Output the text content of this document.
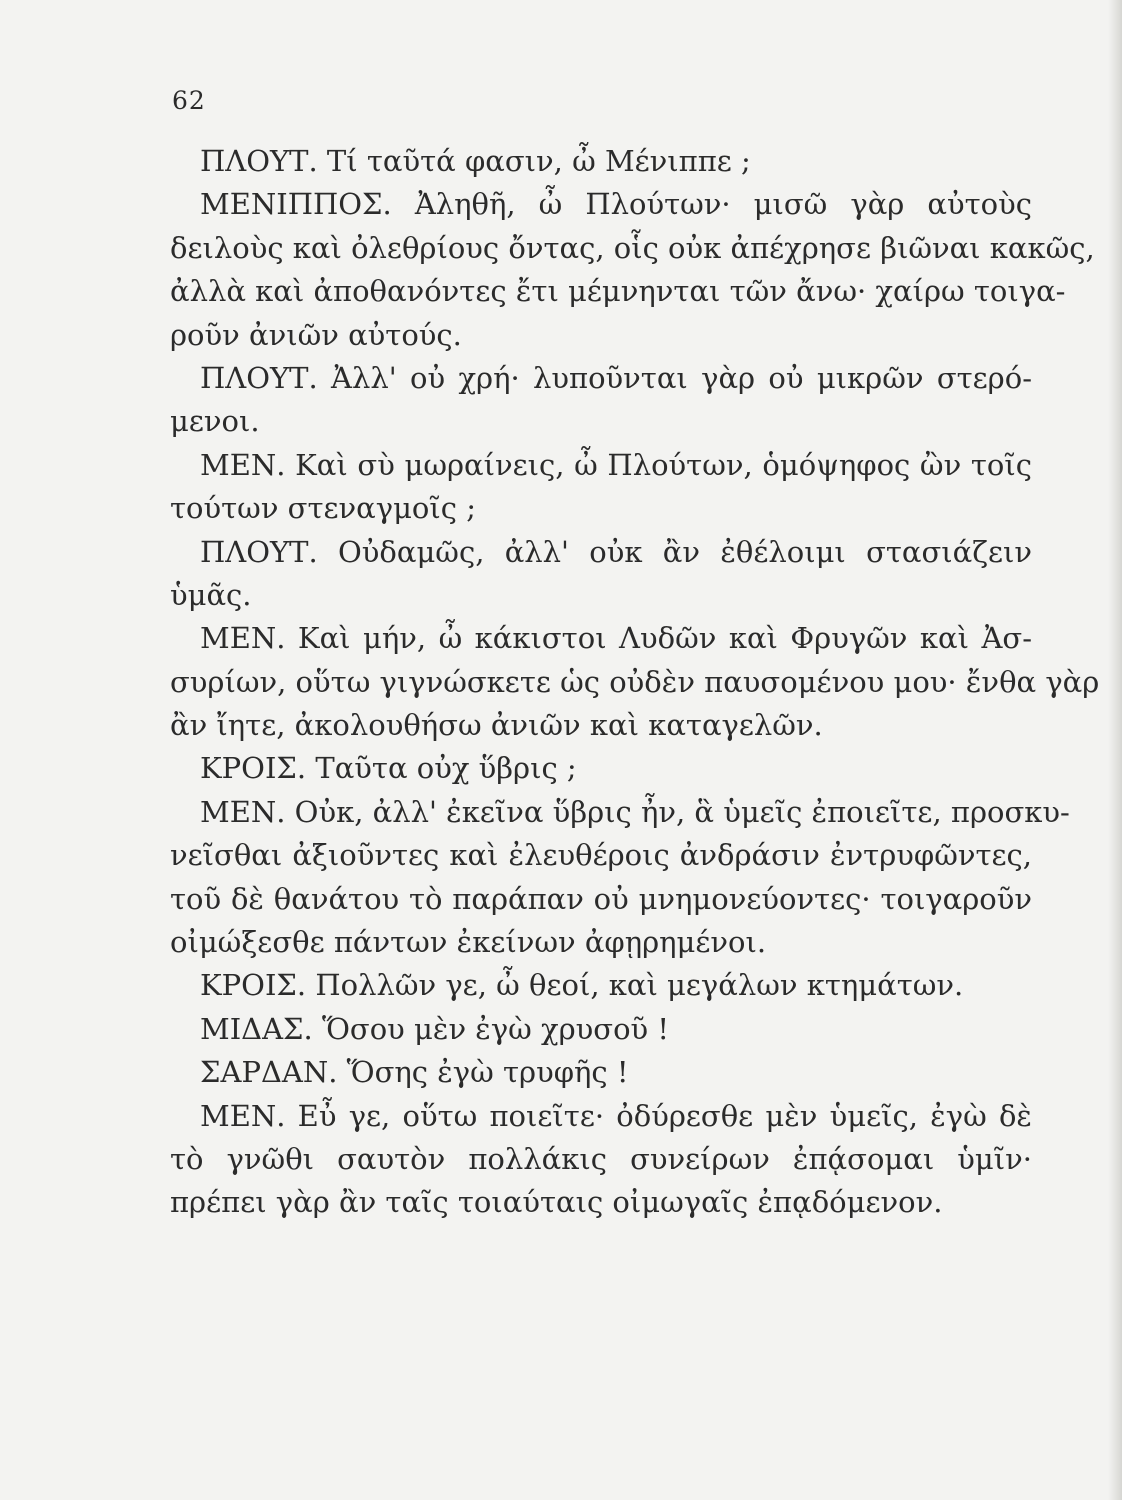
62
ΠΛΟΥΤ. Τί ταῦτά φασιν, ὦ Μένιππε ;
ΜΕΝΙΠΠΟΣ. Ἀληθῆ, ὦ Πλούτων· μισῶ γὰρ αὐτοὺς
δειλοὺς καὶ ὀλεθρίους ὄντας, οἷς οὐκ ἀπέχρησε βιῶναι κακῶς,
ἀλλὰ καὶ ἀποθανόντες ἔτι μέμνηνται τῶν ἄνω· χαίρω τοιγα-
ροῦν ἀνιῶν αὐτούς.
ΠΛΟΥΤ. Ἀλλ' οὐ χρή· λυποῦνται γὰρ οὐ μικρῶν στερό-
μενοι.
ΜΕΝ. Καὶ σὺ μωραίνεις, ὦ Πλούτων, ὁμόψηφος ὢν τοῖς
τούτων στεναγμοῖς ;
ΠΛΟΥΤ. Οὐδαμῶς, ἀλλ' οὐκ ἂν ἐθέλοιμι στασιάζειν
ὑμᾶς.
ΜΕΝ. Καὶ μήν, ὦ κάκιστοι Λυδῶν καὶ Φρυγῶν καὶ Ἀσ-
συρίων, οὕτω γιγνώσκετε ὡς οὐδὲν παυσομένου μου· ἔνθα γὰρ
ἂν ἴητε, ἀκολουθήσω ἀνιῶν καὶ καταγελῶν.
ΚΡΟΙΣ. Ταῦτα οὐχ ὕβρις ;
ΜΕΝ. Οὐκ, ἀλλ' ἐκεῖνα ὕβρις ἦν, ἃ ὑμεῖς ἐποιεῖτε, προσκυ-
νεῖσθαι ἀξιοῦντες καὶ ἐλευθέροις ἀνδράσιν ἐντρυφῶντες,
τοῦ δὲ θανάτου τὸ παράπαν οὐ μνημονεύοντες· τοιγαροῦν
οἰμώξεσθε πάντων ἐκείνων ἀφῃρημένοι.
ΚΡΟΙΣ. Πολλῶν γε, ὦ θεοί, καὶ μεγάλων κτημάτων.
ΜΙΔΑΣ. Ὅσου μὲν ἐγὼ χρυσοῦ !
ΣΑΡΔΑΝ. Ὅσης ἐγὼ τρυφῆς !
ΜΕΝ. Εὖ γε, οὕτω ποιεῖτε· ὀδύρεσθε μὲν ὑμεῖς, ἐγὼ δὲ
τὸ γνῶθι σαυτὸν πολλάκις συνείρων ἐπᾴσομαι ὑμῖν·
πρέπει γὰρ ἂν ταῖς τοιαύταις οἰμωγαῖς ἐπᾳδόμενον.
